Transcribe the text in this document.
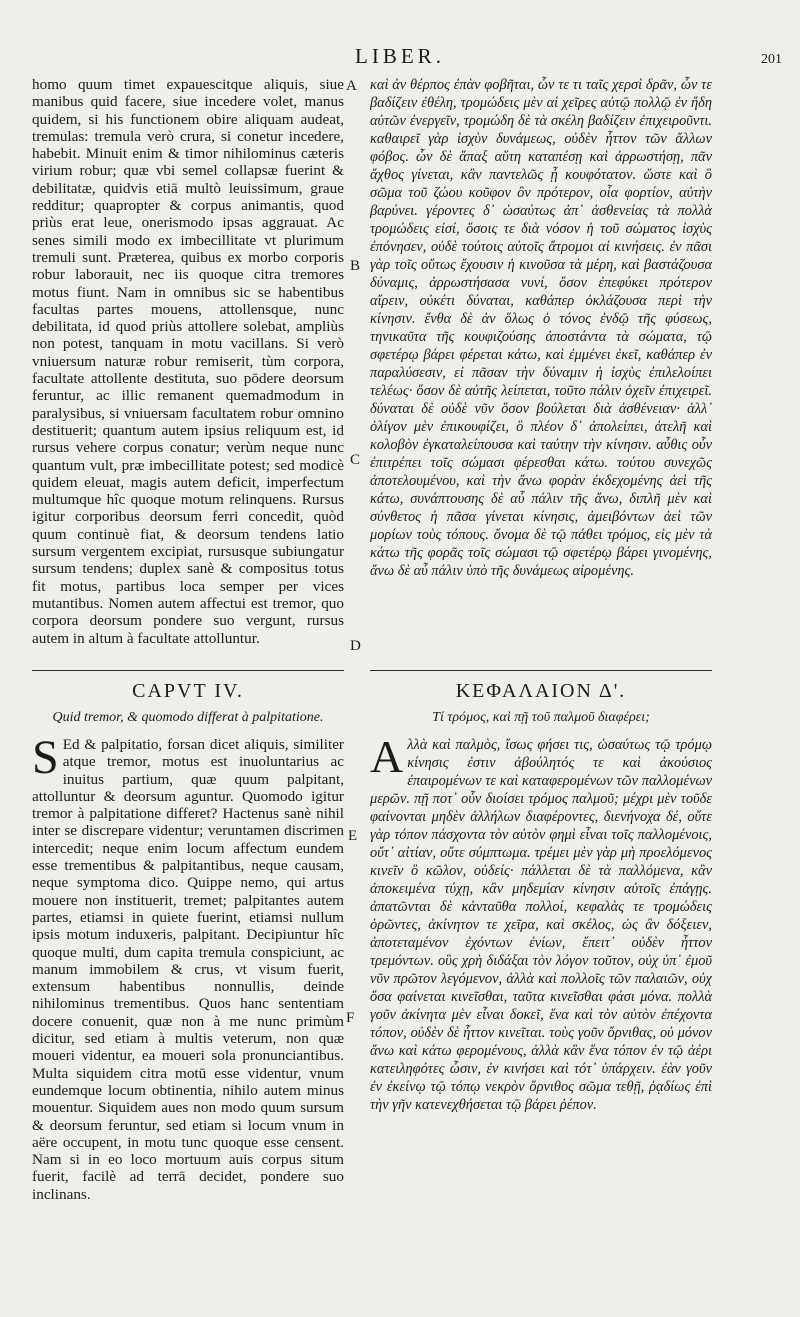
LIBER.	201

homo quum timet expauescitque aliquis, siue manibus quid facere, siue incedere volet, manus quidem, si his functionem obire aliquam audeat, tremulas: tremula verò crura, si conetur incedere, habebit. Minuit enim & timor nihilominus cæteris virium robur; quæ vbi semel collapsæ fuerint & debilitatæ, quidvis etiā multò leuissimum, graue redditur; quapropter & corpus animantis, quod priùs erat leue, onerismodo ipsas aggrauat. Ac senes simili modo ex imbecillitate vt plurimum tremuli sunt. Præterea, quibus ex morbo corporis robur laborauit, nec iis quoque citra tremores motus fiunt. Nam in omnibus sic se habentibus facultas partes mouens, attollensque, nunc debilitata, id quod priùs attollere solebat, ampliùs non potest, tanquam in motu vacillans. Si verò vniuersum naturæ robur remiserit, tùm corpora, facultate attollente destituta, suo pōdere deorsum feruntur, ac illic remanent quemadmodum in paralysibus, si vniuersam facultatem robur omnino destituerit; quantum autem ipsius reliquum est, id rursus vehere corpus conatur; verùm neque nunc quantum vult, præ imbecillitate potest; sed modicè quidem eleuat, magis autem deficit, imperfectum multumque hîc quoque motum relinquens. Rursus igitur corporibus deorsum ferri concedit, quòd quum continuè fiat, & deorsum tendens latio sursum vergentem excipiat, rursusque subiungatur sursum tendens; duplex sanè & compositus totus fit motus, partibus loca semper per vices mutantibus. Nomen autem affectui est tremor, quo corpora deorsum ponderе suo vergunt, rursus autem in altum à facultate attolluntur.

καὶ ἀν θέρπος ἐπὰν φοβῆται, ὧν τε τι ταῖς χερσὶ δρᾶν, ὧν τε βαδίζειν ἐθέλη, τρομώδεις μὲν αἱ χεῖρες αὐτῷ πολλῷ ἐν ἤδη αὐτῶν ἐνεργεῖν, τρομώδη δὲ τὰ σκέλη βαδίζειν ἐπιχειροῦντι. καθαιρεῖ γὰρ ἰσχὺν δυνάμεως, οὐδὲν ἧττον τῶν ἄλλων φόβος. ὧν δὲ ἅπαξ αὕτη καταπέσῃ καὶ ἀρρωστήσῃ, πᾶν ἄχθος γίνεται, κἂν παντελῶς ᾖ κουφότατον. ὥστε καὶ ὃ σῶμα τοῦ ζώου κοῦφον ὂν πρότερον, οἷα φορτίον, αὐτὴν βαρύνει. γέροντες δ᾽ ὡσαύτως ἀπ᾽ ἀσθενείας τὰ πολλὰ τρομώδεις εἰσί, ὅσοις τε διὰ νόσον ἡ τοῦ σώματος ἰσχὺς ἐπόνησεν, οὐδὲ τούτοις αὐτοῖς ἄτρομοι αἱ κινήσεις. ἐν πᾶσι γὰρ τοῖς οὕτως ἔχουσιν ἡ κινοῦσα τὰ μέρη, καὶ βαστάζουσα δύναμις, ἀρρωστήσασα νυνί, ὅσον ἐπεφύκει πρότερον αἴρειν, οὐκέτι δύναται, καθάπερ ὀκλάζουσα περὶ τὴν κίνησιν. ἔνθα δὲ ἀν ὅλως ὁ τόνος ἐνδῷ τῆς φύσεως, τηνικαῦτα τῆς κουφιζούσης ἀποστάντα τὰ σώματα, τῷ σφετέρῳ βάρει φέρεται κάτω, καὶ ἐμμένει ἐκεῖ, καθάπερ ἐν παραλύσεσιν, εἰ πᾶσαν τὴν δύναμιν ἡ ἰσχὺς ἐπιλελοίπει τελέως· ὅσον δὲ αὐτῆς λείπεται, τοῦτο πάλιν ὀχεῖν ἐπιχειρεῖ. δύναται δὲ οὐδὲ νῦν ὅσον βούλεται διὰ ἀσθένειαν· ἀλλ᾽ ὀλίγον μὲν ἐπικουφίζει, ὃ πλέον δ᾽ ἀπολείπει, ἀτελῆ καὶ κολοβὸν ἐγκαταλείπουσα καὶ ταύτην τὴν κίνησιν. αὖθις οὖν ἐπιτρέπει τοῖς σώμασι φέρεσθαι κάτω. τούτου συνεχῶς ἀποτελουμένου, καὶ τὴν ἄνω φορὰν ἐκδεχομένης ἀεὶ τῆς κάτω, συνάπτουσης δὲ αὖ πάλιν τῆς ἄνω, διπλῆ μὲν καὶ σύνθετος ἡ πᾶσα γίνεται κίνησις, ἀμειβόντων ἀεὶ τῶν μορίων τοὺς τόπους. ὄνομα δὲ τῷ πάθει τρόμος, εἰς μὲν τὰ κάτω τῆς φορᾶς τοῖς σώμασι τῷ σφετέρῳ βάρει γινομένης, ἄνω δὲ αὖ πάλιν ὑπὸ τῆς δυνάμεως αἰρομένης.

A
B
C
D
E
F
CAPVT IV.
Quid tremor, & quomodo differat à palpitatione.
ΚΕΦΑΛΑΙΟΝ Δ'.
Τί τρόμος, καὶ πῇ τοῦ παλμοῦ διαφέρει;
S Ed & palpitatio, forsan dicet aliquis, similiter atque tremor, motus est inuoluntarius ac inuitus partium, quæ quum palpitant, attolluntur & deorsum aguntur. Quomodo igitur tremor à palpitatione differet? Hactenus sanè nihil inter se discrepare videntur; veruntamen discrimen intercedit; neque enim locum affectum eundem esse trementibus & palpitantibus, neque causam, neque symptoma dico. Quippe nemo, qui artus mouere non instituerit, tremet; palpitantes autem partes, etiamsi in quiete fuerint, etiamsi nullum ipsis motum induxeris, palpitant. Decipiuntur hîc quoque multi, dum capita tremula conspiciunt, ac manum immobilem & crus, vt visum fuerit, extensum habentibus nonnullis, deinde nihilominus trementibus. Quos hanc sententiam docere conuenit, quæ non à me nunc primùm dicitur, sed etiam à multis veterum, non quæ moueri videntur, ea moueri sola pronunciantibus. Multa siquidem citra motū esse videntur, vnum eundemque locum obtinentia, nihilo autem minus mouentur. Siquidem aues non modo quum sursum & deorsum feruntur, sed etiam si locum vnum in aëre occupent, in motu tunc quoque esse censent. Nam si in eo loco mortuum auis corpus situm fuerit, facilè ad terrā decidet, pondere suo inclinans.

Α λλὰ καὶ παλμὸς, ἴσως φήσει τις, ὡσαύτως τῷ τρόμῳ κίνησις ἐστιν ἀβούλητός τε καὶ ἀκούσιος ἐπαιρομένων τε καὶ καταφερομένων τῶν παλλομένων μερῶν. πῇ ποτ᾽ οὖν διοίσει τρόμος παλμοῦ; μέχρι μὲν τοῦδε φαίνονται μηδὲν ἀλλήλων διαφέροντες, διενήνοχα δέ, οὔτε γὰρ τόπον πάσχοντα τὸν αὐτὸν φημὶ εἶναι τοῖς παλλομένοις, οὔτ᾽ αἰτίαν, οὔτε σύμπτωμα. τρέμει μὲν γὰρ μὴ προελόμενος κινεῖν ὃ κῶλον, οὐδείς· πάλλεται δὲ τὰ παλλόμενα, κἂν ἀποκειμένα τύχῃ, κἂν μηδεμίαν κίνησιν αὐτοῖς ἐπάγῃς. ἀπατῶνται δὲ κἀνταῦθα πολλοί, κεφαλὰς τε τρομώδεις ὁρῶντες, ἀκίνητον τε χεῖρα, καὶ σκέλος, ὡς ἂν δόξειεν, ἀποτεταμένον ἐχόντων ἐνίων, ἔπειτ᾽ οὐδὲν ἧττον τρεμόντων. οὓς χρὴ διδάξαι τὸν λόγον τοῦτον, οὐχ ὑπ᾽ ἐμοῦ νῦν πρῶτον λεγόμενον, ἀλλὰ καὶ πολλοῖς τῶν παλαιῶν, οὐχ ὅσα φαίνεται κινεῖσθαι, ταῦτα κινεῖσθαι φάσι μόνα. πολλὰ γοῦν ἀκίνητα μὲν εἶναι δοκεῖ, ἕνα καὶ τὸν αὐτὸν ἐπέχοντα τόπον, οὐδὲν δὲ ἧττον κινεῖται. τοὺς γοῦν ὄρνιθας, οὐ μόνον ἄνω καὶ κάτω φερομένους, ἀλλὰ κἂν ἕνα τόπον ἐν τῷ ἀέρι κατειληφότες ὦσιν, ἐν κινήσει καὶ τότ᾽ ὑπάρχειν. ἐὰν γοῦν ἐν ἐκείνῳ τῷ τόπῳ νεκρὸν ὄρνιθος σῶμα τεθῇ, ῥᾳδίως ἐπὶ τὴν γῆν κατενεχθήσεται τῷ βάρει ῥέπον.
